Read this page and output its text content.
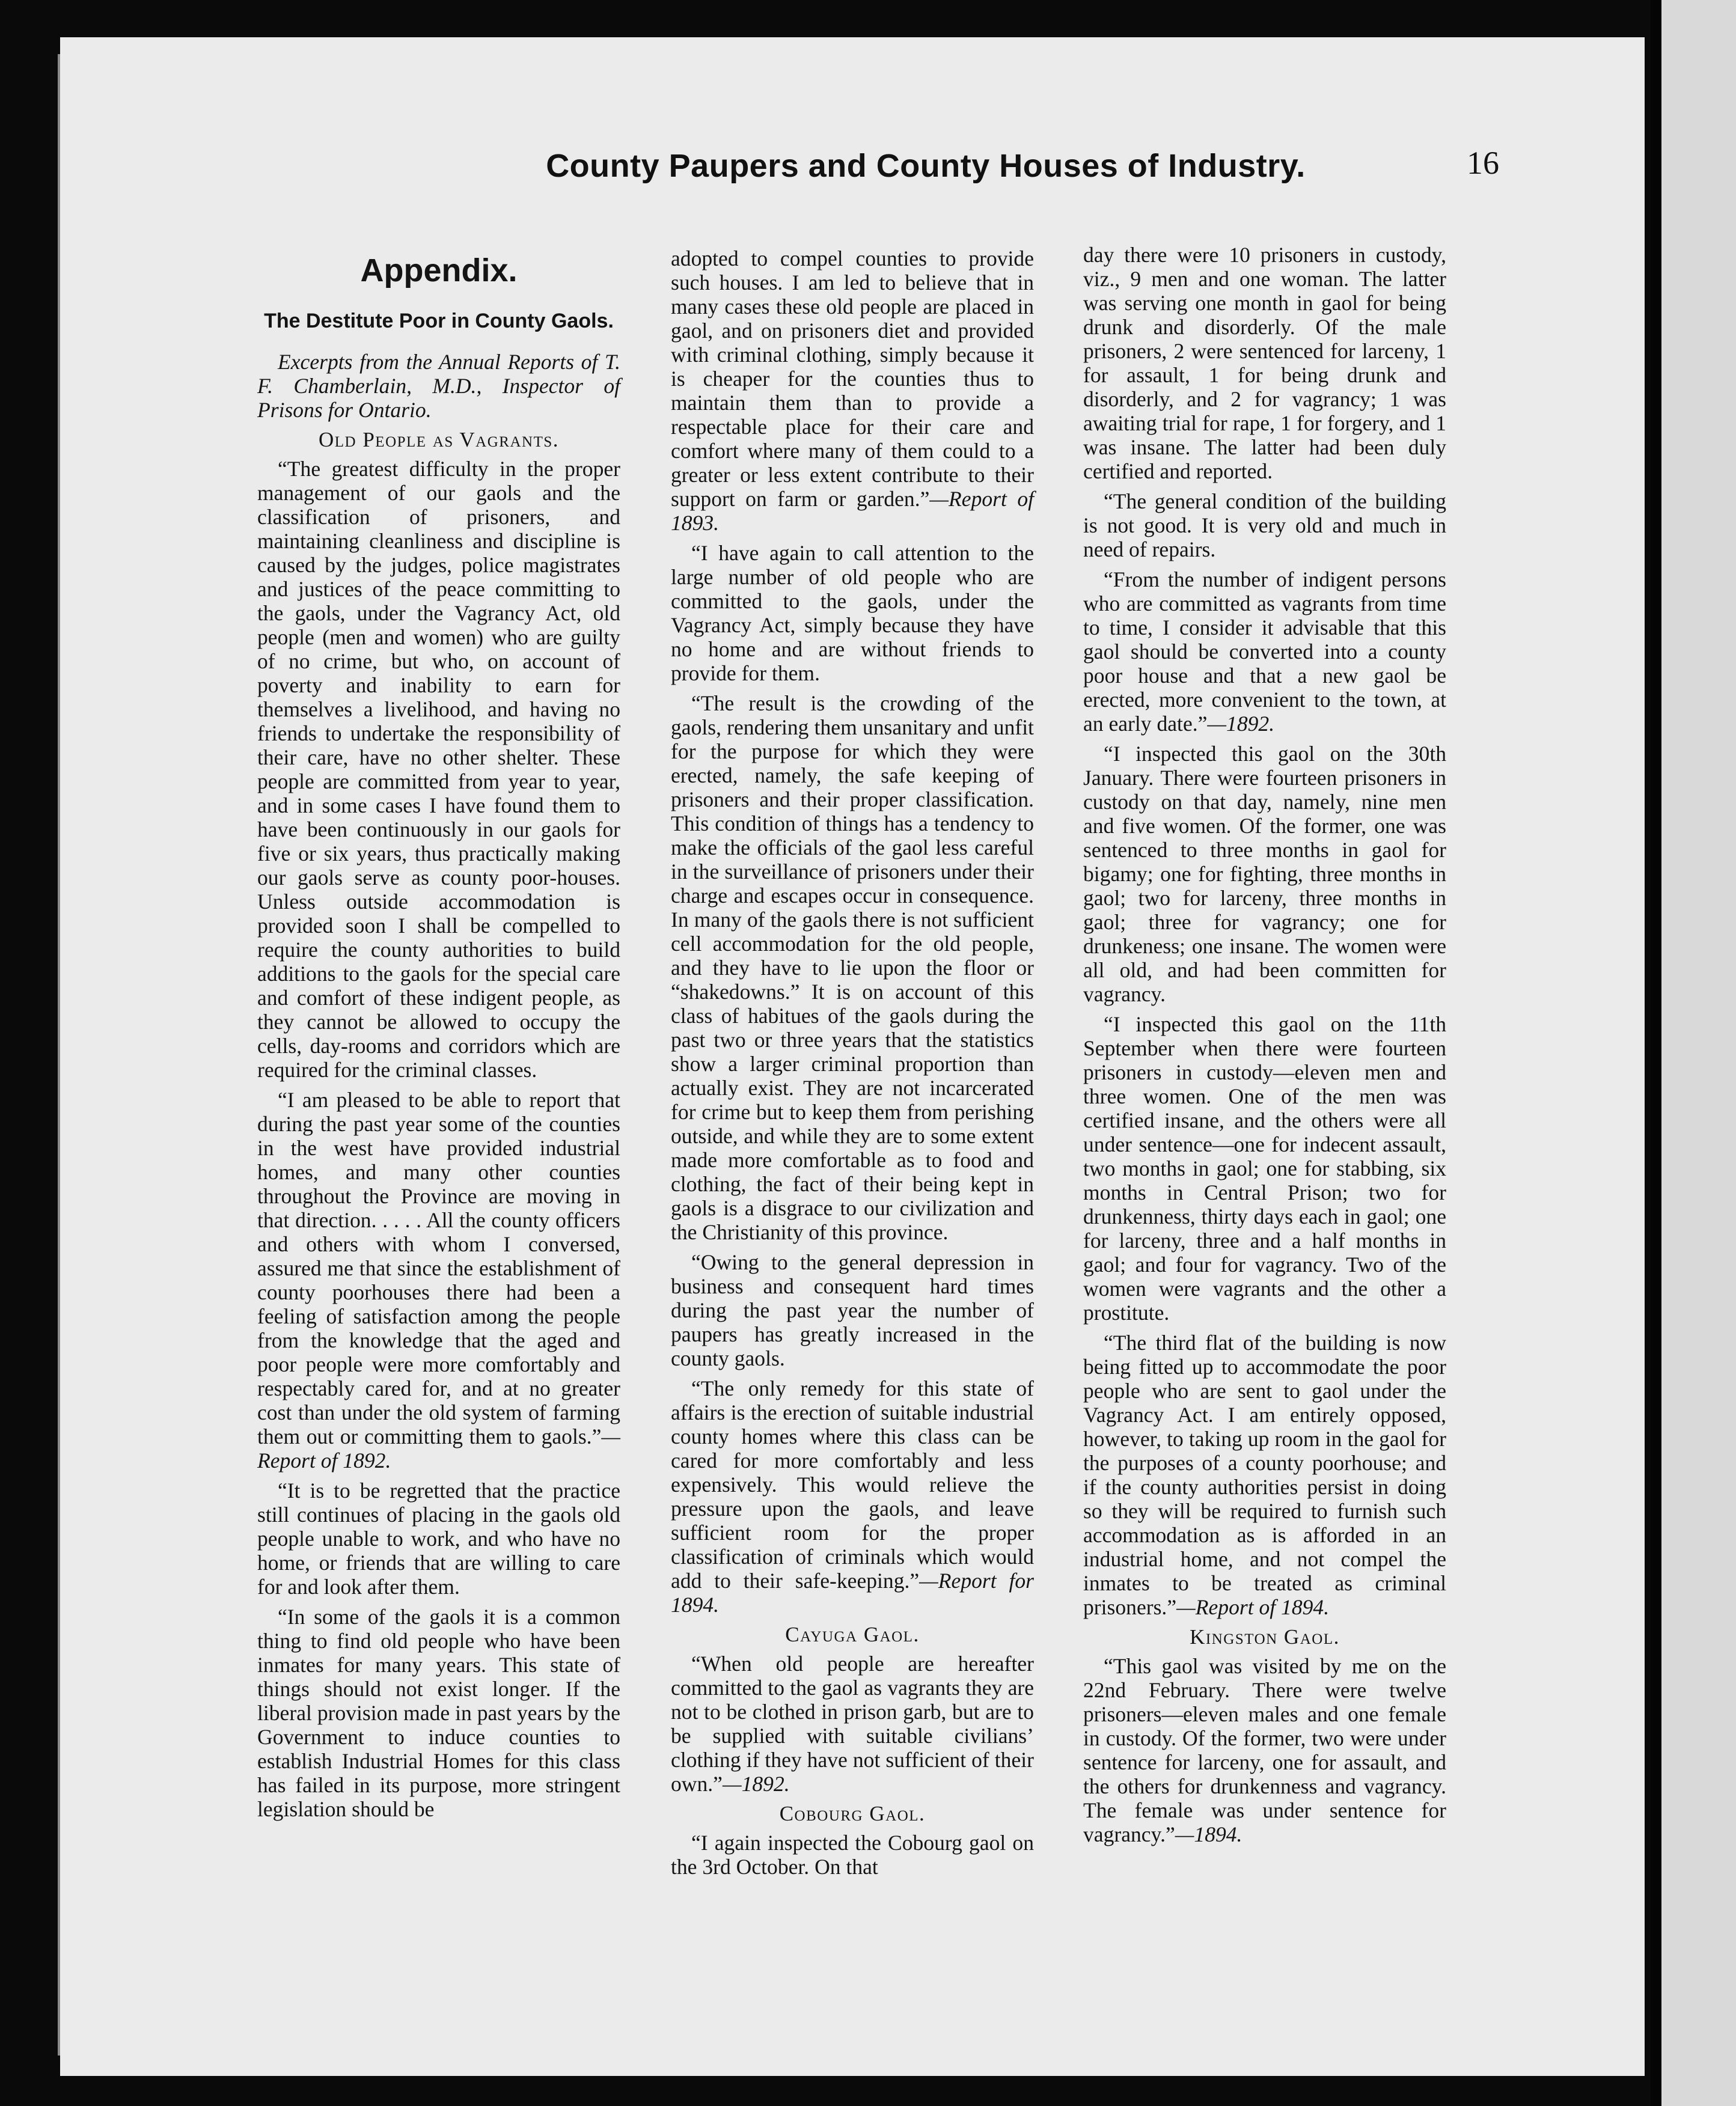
County Paupers and County Houses of Industry.	16
Appendix.
The Destitute Poor in County Gaols.

Excerpts from the Annual Reports of T. F. Chamberlain, M.D., Inspector of Prisons for Ontario.

Old People as Vagrants.

“The greatest difficulty in the proper management of our gaols and the classification of prisoners, and maintaining cleanliness and discipline is caused by the judges, police magistrates and justices of the peace committing to the gaols, under the Vagrancy Act, old people (men and women) who are guilty of no crime, but who, on account of poverty and inability to earn for themselves a livelihood, and having no friends to undertake the responsibility of their care, have no other shelter. These people are committed from year to year, and in some cases I have found them to have been continuously in our gaols for five or six years, thus practically making our gaols serve as county poor-houses. Unless outside accommodation is provided soon I shall be compelled to require the county authorities to build additions to the gaols for the special care and comfort of these indigent people, as they cannot be allowed to occupy the cells, day-rooms and corridors which are required for the criminal classes.

“I am pleased to be able to report that during the past year some of the counties in the west have provided industrial homes, and many other counties throughout the Province are moving in that direction. . . . . All the county officers and others with whom I conversed, assured me that since the establishment of county poorhouses there had been a feeling of satisfaction among the people from the knowledge that the aged and poor people were more comfortably and respectably cared for, and at no greater cost than under the old system of farming them out or committing them to gaols.”—Report of 1892.

“It is to be regretted that the practice still continues of placing in the gaols old people unable to work, and who have no home, or friends that are willing to care for and look after them.

“In some of the gaols it is a common thing to find old people who have been inmates for many years. This state of things should not exist longer. If the liberal provision made in past years by the Government to induce counties to establish Industrial Homes for this class has failed in its purpose, more stringent legislation should be

adopted to compel counties to provide such houses. I am led to believe that in many cases these old people are placed in gaol, and on prisoners diet and provided with criminal clothing, simply because it is cheaper for the counties thus to maintain them than to provide a respectable place for their care and comfort where many of them could to a greater or less extent contribute to their support on farm or garden.”—Report of 1893.

“I have again to call attention to the large number of old people who are committed to the gaols, under the Vagrancy Act, simply because they have no home and are without friends to provide for them.

“The result is the crowding of the gaols, rendering them unsanitary and unfit for the purpose for which they were erected, namely, the safe keeping of prisoners and their proper classification. This condition of things has a tendency to make the officials of the gaol less careful in the surveillance of prisoners under their charge and escapes occur in consequence. In many of the gaols there is not sufficient cell accommodation for the old people, and they have to lie upon the floor or “shakedowns.” It is on account of this class of habitues of the gaols during the past two or three years that the statistics show a larger criminal proportion than actually exist. They are not incarcerated for crime but to keep them from perishing outside, and while they are to some extent made more comfortable as to food and clothing, the fact of their being kept in gaols is a disgrace to our civilization and the Christianity of this province.

“Owing to the general depression in business and consequent hard times during the past year the number of paupers has greatly increased in the county gaols.

“The only remedy for this state of affairs is the erection of suitable industrial county homes where this class can be cared for more comfortably and less expensively. This would relieve the pressure upon the gaols, and leave sufficient room for the proper classification of criminals which would add to their safe-keeping.”—Report for 1894.

Cayuga Gaol.

“When old people are hereafter committed to the gaol as vagrants they are not to be clothed in prison garb, but are to be supplied with suitable civilians’ clothing if they have not sufficient of their own.”—1892.

Cobourg Gaol.

“I again inspected the Cobourg gaol on the 3rd October. On that

day there were 10 prisoners in custody, viz., 9 men and one woman. The latter was serving one month in gaol for being drunk and disorderly. Of the male prisoners, 2 were sentenced for larceny, 1 for assault, 1 for being drunk and disorderly, and 2 for vagrancy; 1 was awaiting trial for rape, 1 for forgery, and 1 was insane. The latter had been duly certified and reported.

“The general condition of the building is not good. It is very old and much in need of repairs.

“From the number of indigent persons who are committed as vagrants from time to time, I consider it advisable that this gaol should be converted into a county poor house and that a new gaol be erected, more convenient to the town, at an early date.”—1892.

“I inspected this gaol on the 30th January. There were fourteen prisoners in custody on that day, namely, nine men and five women. Of the former, one was sentenced to three months in gaol for bigamy; one for fighting, three months in gaol; two for larceny, three months in gaol; three for vagrancy; one for drunkeness; one insane. The women were all old, and had been committen for vagrancy.

“I inspected this gaol on the 11th September when there were fourteen prisoners in custody—eleven men and three women. One of the men was certified insane, and the others were all under sentence—one for indecent assault, two months in gaol; one for stabbing, six months in Central Prison; two for drunkenness, thirty days each in gaol; one for larceny, three and a half months in gaol; and four for vagrancy. Two of the women were vagrants and the other a prostitute.

“The third flat of the building is now being fitted up to accommodate the poor people who are sent to gaol under the Vagrancy Act. I am entirely opposed, however, to taking up room in the gaol for the purposes of a county poorhouse; and if the county authorities persist in doing so they will be required to furnish such accommodation as is afforded in an industrial home, and not compel the inmates to be treated as criminal prisoners.”—Report of 1894.

Kingston Gaol.

“This gaol was visited by me on the 22nd February. There were twelve prisoners—eleven males and one female in custody. Of the former, two were under sentence for larceny, one for assault, and the others for drunkenness and vagrancy. The female was under sentence for vagrancy.”—1894.
